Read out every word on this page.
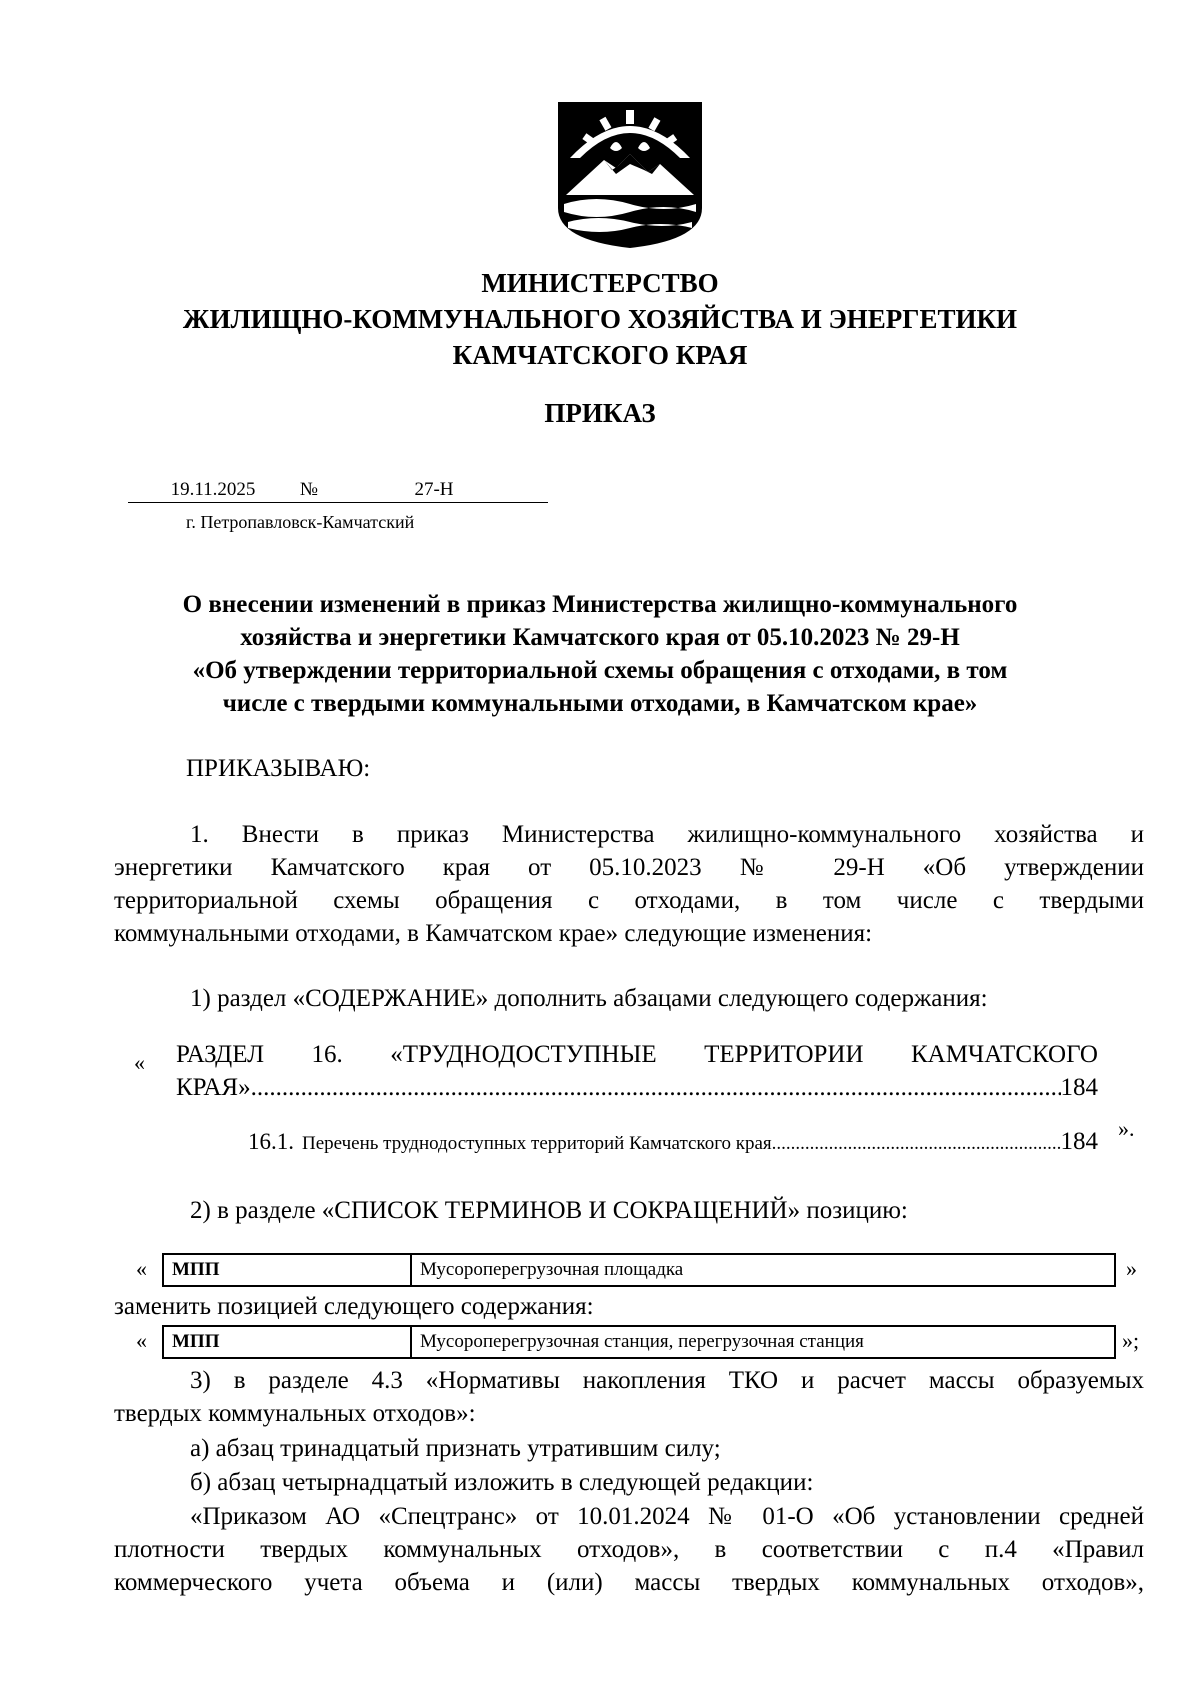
МИНИСТЕРСТВО
ЖИЛИЩНО-КОММУНАЛЬНОГО ХОЗЯЙСТВА И ЭНЕРГЕТИКИ
КАМЧАТСКОГО КРАЯ
ПРИКАЗ
19.11.2025 №	27-Н
г. Петропавловск-Камчатский
О внесении изменений в приказ Министерства жилищно-коммунального
хозяйства и энергетики Камчатского края от 05.10.2023 № 29-Н
«Об утверждении территориальной схемы обращения с отходами, в том
числе с твердыми коммунальными отходами, в Камчатском крае»
ПРИКАЗЫВАЮ:
1. Внести в приказ Министерства жилищно-коммунального хозяйства и
энергетики Камчатского края от 05.10.2023 № 29-Н «Об утверждении
территориальной схемы обращения с отходами, в том числе с твердыми
коммунальными отходами, в Камчатском крае» следующие изменения:
1) раздел «СОДЕРЖАНИЕ» дополнить абзацами следующего содержания:
« РАЗДЕЛ 16. «ТРУДНОДОСТУПНЫЕ ТЕРРИТОРИИ КАМЧАТСКОГО
КРАЯ» .....	184
16.1. Перечень труднодоступных территорий Камчатского края .....	184 ».
2) в разделе «СПИСОК ТЕРМИНОВ И СОКРАЩЕНИЙ» позицию:
« МПП	Мусороперегрузочная площадка	»
заменить позицией следующего содержания:
« МПП	Мусороперегрузочная станция, перегрузочная станция	»;
3) в разделе 4.3 «Нормативы накопления ТКО и расчет массы образуемых
твердых коммунальных отходов»:
а) абзац тринадцатый признать утратившим силу;
б) абзац четырнадцатый изложить в следующей редакции:
«Приказом АО «Спецтранс» от 10.01.2024 № 01-О «Об установлении средней
плотности твердых коммунальных отходов», в соответствии с п.4 «Правил
коммерческого учета объема и (или) массы твердых коммунальных отходов»,
